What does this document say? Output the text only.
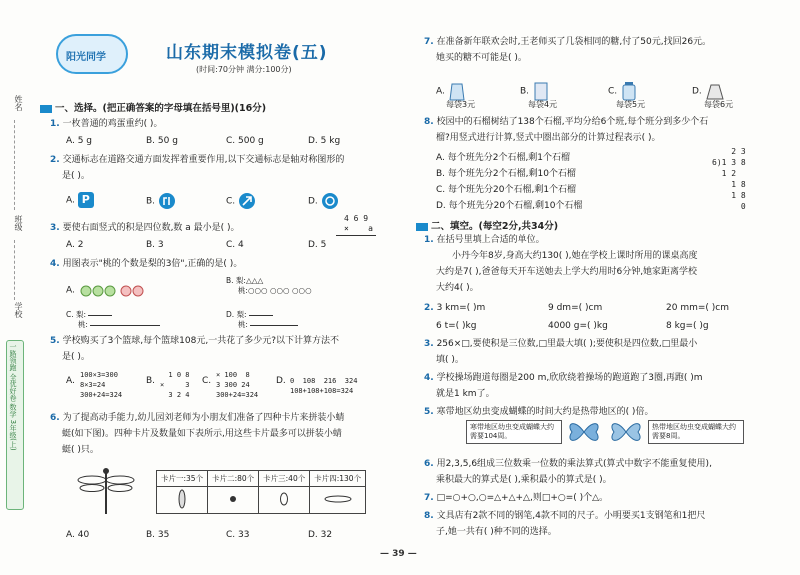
姓名
班级
学校
一路领跑 全优好卷 数学 3年级(上)
阳光同学	山东期末模拟卷(五)
(时间:70分钟 满分:100分)
一、选择。(把正确答案的字母填在括号里)(16分)
1. 一枚普通的鸡蛋重约( )。
A. 5 g	B. 50 g	C. 500 g	D. 5 kg
2. 交通标志在道路交通方面发挥着重要作用,以下交通标志是轴对称图形的
是( )。
A. P	B.	C.	D.
3. 要使右面竖式的积是四位数,数 a 最小是( )。
4 6 9
×    a
A. 2	B. 3	C. 4	D. 5
4. 用图表示"桃的个数是梨的3倍",正确的是( )。
A.
B. 梨:△△△
桃:○○○ ○○○ ○○○
C. 梨:
桃:
D. 梨:
桃:
5. 学校购买了3个篮球,每个篮球108元,一共花了多少元?以下计算方法不
是( )。
A.
100×3=300
8×3=24
300+24=324
B.
1 0 8
×     3
3 2 4
C.
× 100  8
3 300 24
300+24=324
D. 0  108  216  324
108+108+108=324
6. 为了提高动手能力,幼儿园刘老师为小朋友们准备了四种卡片来拼装小蜻
蜓(如下图)。四种卡片及数量如下表所示,用这些卡片最多可以拼装小蜻
蜓( )只。
卡片一:35个	卡片二:80个	卡片三:40个	卡片四:130个

A. 40	B. 35	C. 33	D. 32
7. 在准备新年联欢会时,王老师买了几袋相同的糖,付了50元,找回26元。
她买的糖不可能是( )。
A.
每袋3元
B.
每袋4元
C.
每袋5元
D.
每袋6元
8. 校园中的石榴树结了138个石榴,平均分给6个班,每个班分到多少个石
榴?用竖式进行计算,竖式中圈出部分的计算过程表示( )。
A. 每个班先分2个石榴,剩1个石榴
B. 每个班先分2个石榴,剩10个石榴
C. 每个班先分20个石榴,剩1个石榴
D. 每个班先分20个石榴,剩10个石榴
2 3
6)1 3 8
1 2
1 8
1 8
0
二、填空。(每空2分,共34分)
1. 在括号里填上合适的单位。
小丹今年8岁,身高大约130( ),她在学校上课时所用的课桌高度
大约是7( ),爸爸每天开车送她去上学大约用时6分钟,她家距离学校
大约4( )。
2. 3 km=( )m	9 dm=( )cm	20 mm=( )cm
6 t=( )kg	4000 g=( )kg	8 kg=( )g
3. 256×□,要使积是三位数,□里最大填( );要使积是四位数,□里最小
填( )。
4. 学校操场跑道每圈是200 m,欣欣绕着操场的跑道跑了3圈,再跑( )m
就是1 km了。
5. 寒带地区幼虫变成蝴蝶的时间大约是热带地区的( )倍。
寒带地区幼虫变成蝴蝶大约需要104周。
热带地区幼虫变成蝴蝶大约需要8周。
6. 用2,3,5,6组成三位数乘一位数的乘法算式(算式中数字不能重复使用),
乘积最大的算式是( ),乘积最小的算式是( )。
7. □=○+○,○=△+△+△,则□+○=( )个△。
8. 文具店有2款不同的钢笔,4款不同的尺子。小明要买1支钢笔和1把尺
子,她一共有( )种不同的选择。
— 39 —
